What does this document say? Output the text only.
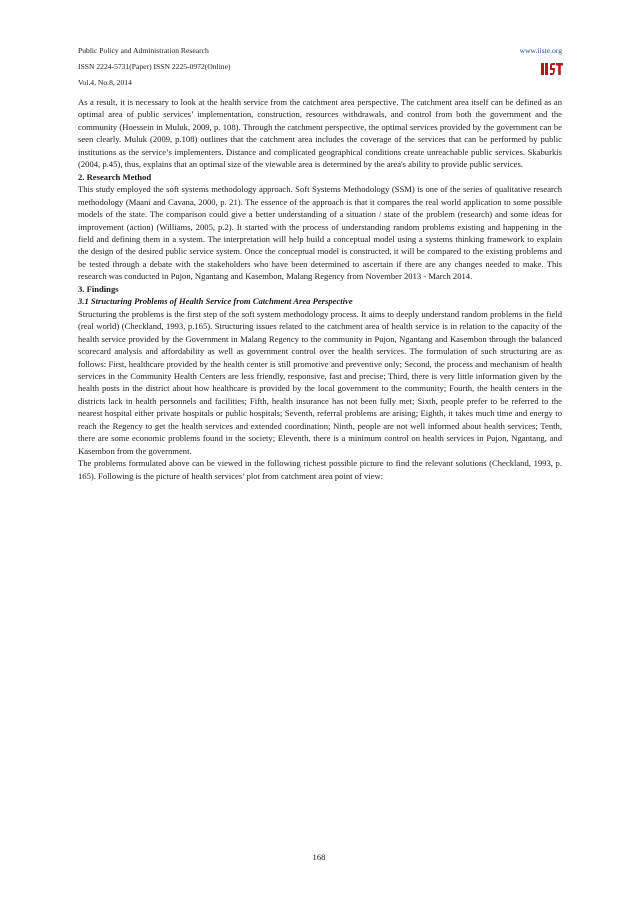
Public Policy and Administration Research
ISSN 2224-5731(Paper) ISSN 2225-0972(Online)
Vol.4, No.8, 2014
www.iiste.org

As a result, it is necessary to look at the health service from the catchment area perspective. The catchment area itself can be defined as an optimal area of public services’ implementation, construction, resources withdrawals, and control from both the government and the community (Hoessein in Muluk, 2009, p. 108). Through the catchment perspective, the optimal services provided by the government can be seen clearly. Muluk (2009, p.108) outlines that the catchment area includes the coverage of the services that can be performed by public institutions as the service’s implementers. Distance and complicated geographical conditions create unreachable public services. Skaburkis (2004, p.45), thus, explains that an optimal size of the viewable area is determined by the area's ability to provide public services.

2. Research Method

This study employed the soft systems methodology approach. Soft Systems Methodology (SSM) is one of the series of qualitative research methodology (Maani and Cavana, 2000, p. 21). The essence of the approach is that it compares the real world application to some possible models of the state. The comparison could give a better understanding of a situation / state of the problem (research) and some ideas for improvement (action) (Williams, 2005, p.2). It started with the process of understanding random problems existing and happening in the field and defining them in a system. The interpretation will help build a conceptual model using a systems thinking framework to explain the design of the desired public service system. Once the conceptual model is constructed, it will be compared to the existing problems and be tested through a debate with the stakeholders who have been determined to ascertain if there are any changes needed to make. This research was conducted in Pujon, Ngantang and Kasembon, Malang Regency from November 2013 - March 2014.

3. Findings

3.1 Structuring Problems of Health Service from Catchment Area Perspective

Structuring the problems is the first step of the soft system methodology process. It aims to deeply understand random problems in the field (real world) (Checkland, 1993, p.165). Structuring issues related to the catchment area of health service is in relation to the capacity of the health service provided by the Government in Malang Regency to the community in Pujon, Ngantang and Kasembon through the balanced scorecard analysis and affordability as well as government control over the health services. The formulation of such structuring are as follows: First, healthcare provided by the health center is still promotive and preventive only; Second, the process and mechanism of health services in the Community Health Centers are less friendly, responsive, fast and precise; Third, there is very little information given by the health posts in the district about how healthcare is provided by the local government to the community; Fourth, the health centers in the districts lack in health personnels and facilities; Fifth, health insurance has not been fully met; Sixth, people prefer to be referred to the nearest hospital either private hospitals or public hospitals; Seventh, referral problems are arising; Eighth, it takes much time and energy to reach the Regency to get the health services and extended coordination; Ninth, people are not well informed about health services; Tenth, there are some economic problems found in the society; Eleventh, there is a minimum control on health services in Pujon, Ngantang, and Kasembon from the government.

The problems formulated above can be viewed in the following richest possible picture to find the relevant solutions (Checkland, 1993, p. 165). Following is the picture of health services’ plot from catchment area point of view:

168
